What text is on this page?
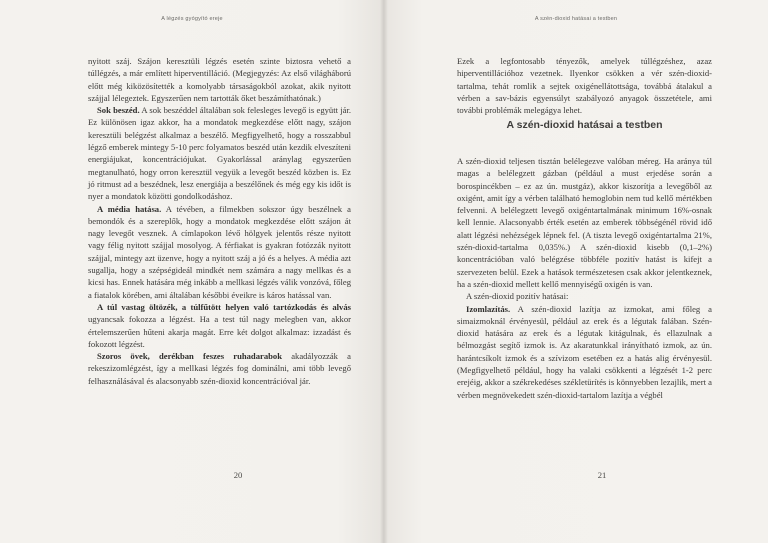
A légzés gyógyító ereje

nyitott száj. Szájon keresztüli légzés esetén szinte biztosra vehető a túllégzés, a már említett hiperventilláció. (Megjegyzés: Az első világháború előtt még kiközösítették a komolyabb társaságokból azokat, akik nyitott szájjal lélegeztek. Egyszerűen nem tartották őket beszámíthatónak.)

Sok beszéd. A sok beszéddel általában sok felesleges levegő is együtt jár. Ez különösen igaz akkor, ha a mondatok megkezdése előtt nagy, szájon keresztüli belégzést alkalmaz a beszélő. Megfigyelhető, hogy a rosszabbul légző emberek mintegy 5-10 perc folyamatos beszéd után kezdik elveszíteni energiájukat, koncentrációjukat. Gyakorlással aránylag egyszerűen megtanulható, hogy orron keresztül vegyük a levegőt beszéd közben is. Ez jó ritmust ad a beszédnek, lesz energiája a beszélőnek és még egy kis időt is nyer a mondatok közötti gondolkodáshoz.

A média hatása. A tévében, a filmekben sokszor úgy beszélnek a bemondók és a szereplők, hogy a mondatok megkezdése előtt szájon át nagy levegőt vesznek. A címlapokon lévő hölgyek jelentős része nyitott vagy félig nyitott szájjal mosolyog. A férfiakat is gyakran fotózzák nyitott szájjal, mintegy azt üzenve, hogy a nyitott száj a jó és a helyes. A média azt sugallja, hogy a szépségideál mindkét nem számára a nagy mellkas és a kicsi has. Ennek hatására még inkább a mellkasi légzés válik vonzóvá, főleg a fiatalok körében, ami általában későbbi éveikre is káros hatással van.

A túl vastag öltözék, a túlfűtött helyen való tartózkodás és alvás ugyancsak fokozza a légzést. Ha a test túl nagy melegben van, akkor értelemszerűen hűteni akarja magát. Erre két dolgot alkalmaz: izzadást és fokozott légzést.

Szoros övek, derékban feszes ruhadarabok akadályozzák a rekeszizomlégzést, így a mellkasi légzés fog dominálni, ami több levegő felhasználásával és alacsonyabb szén-dioxid koncentrációval jár.

20
A szén-dioxid hatásai a testben

Ezek a legfontosabb tényezők, amelyek túllégzéshez, azaz hiperventillációhoz vezetnek. Ilyenkor csökken a vér szén-dioxid-tartalma, tehát romlik a sejtek oxigénellátottsága, továbbá átalakul a vérben a sav-bázis egyensúlyt szabályozó anyagok összetétele, ami további problémák melegágya lehet.

A szén-dioxid hatásai a testben

A szén-dioxid teljesen tisztán belélegezve valóban méreg. Ha aránya túl magas a belélegzett gázban (például a must erjedése során a borospincékben – ez az ún. mustgáz), akkor kiszorítja a levegőből az oxigént, amit így a vérben található hemoglobin nem tud kellő mértékben felvenni. A belélegzett levegő oxigéntartalmának minimum 16%-osnak kell lennie. Alacsonyabb érték esetén az emberek többségénél rövid idő alatt légzési nehézségek lépnek fel. (A tiszta levegő oxigéntartalma 21%, szén-dioxid-tartalma 0,035%.) A szén-dioxid kisebb (0,1–2%) koncentrációban való belégzése többféle pozitív hatást is kifejt a szervezeten belül. Ezek a hatások természetesen csak akkor jelentkeznek, ha a szén-dioxid mellett kellő mennyiségű oxigén is van.

A szén-dioxid pozitív hatásai:

Izomlazítás. A szén-dioxid lazítja az izmokat, ami főleg a simaizmoknál érvényesül, például az erek és a légutak falában. Szén-dioxid hatására az erek és a légutak kitágulnak, és ellazulnak a bélmozgást segítő izmok is. Az akaratunkkal irányítható izmok, az ún. harántcsíkolt izmok és a szívizom esetében ez a hatás alig érvényesül. (Megfigyelhető például, hogy ha valaki csökkenti a légzését 1-2 perc erejéig, akkor a székrekedéses székletürítés is könnyebben lezajlik, mert a vérben megnövekedett szén-dioxid-tartalom lazítja a végbél

21
